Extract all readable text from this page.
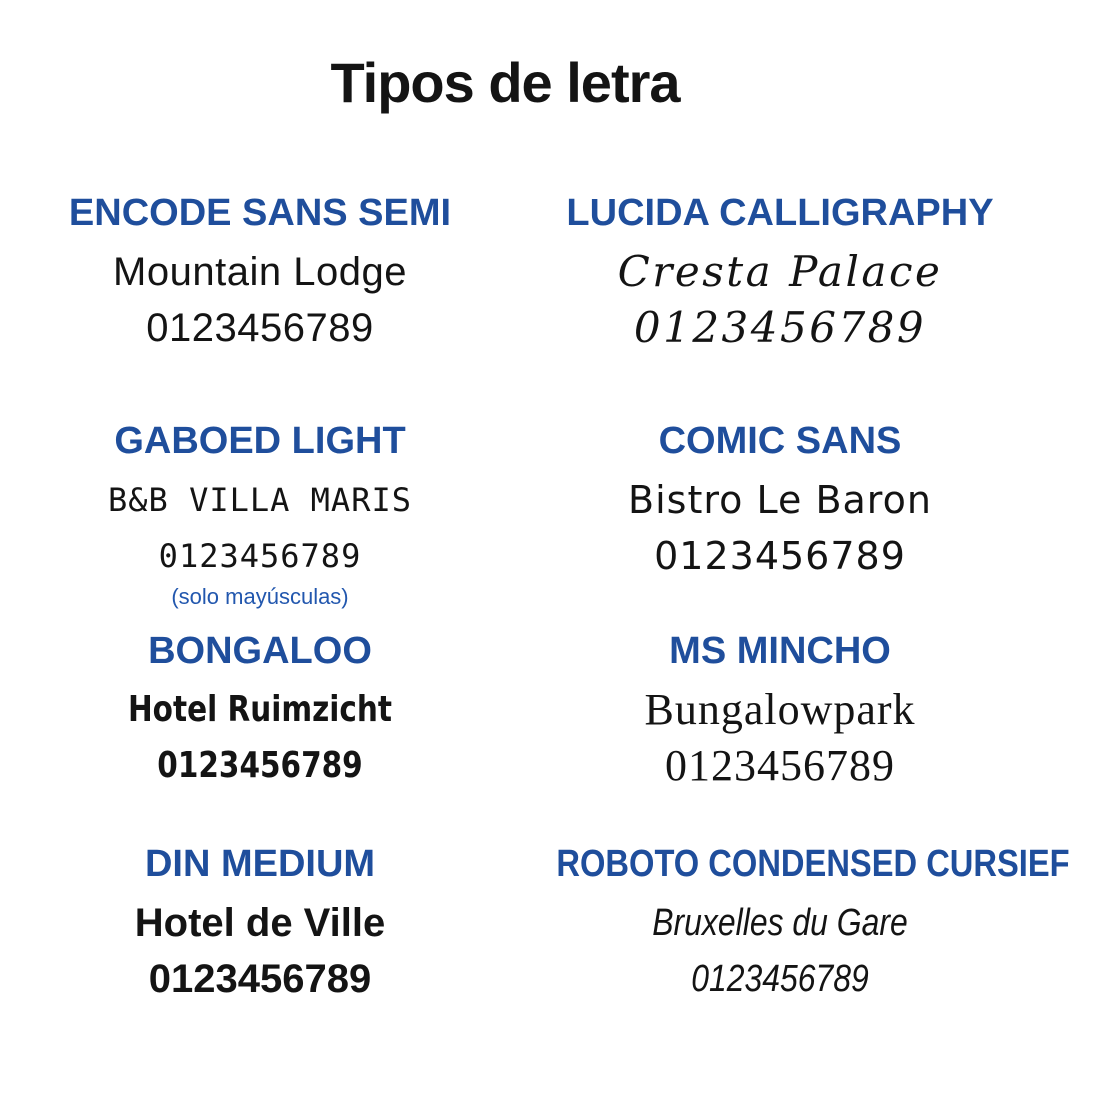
Tipos de letra
ENCODE SANS SEMI
Mountain Lodge
0123456789
LUCIDA CALLIGRAPHY
Cresta Palace
0123456789
GABOED LIGHT
B&B VILLA MARIS
0123456789
(solo mayúsculas)
COMIC SANS
Bistro Le Baron
0123456789
BONGALOO
Hotel Ruimzicht
0123456789
MS MINCHO
Bungalowpark
0123456789
DIN MEDIUM
Hotel de Ville
0123456789
ROBOTO CONDENSED CURSIEF
Bruxelles du Gare
0123456789
